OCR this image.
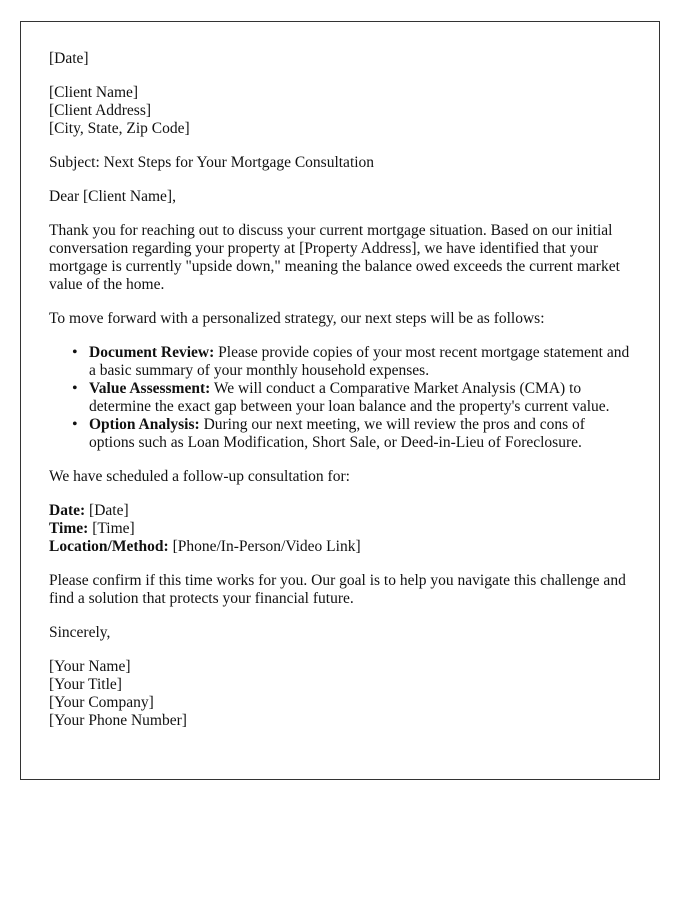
[Date]

[Client Name]
[Client Address]
[City, State, Zip Code]

Subject: Next Steps for Your Mortgage Consultation

Dear [Client Name],

Thank you for reaching out to discuss your current mortgage situation. Based on our initial conversation regarding your property at [Property Address], we have identified that your mortgage is currently "upside down," meaning the balance owed exceeds the current market value of the home.

To move forward with a personalized strategy, our next steps will be as follows:

• Document Review: Please provide copies of your most recent mortgage statement and a basic summary of your monthly household expenses.
• Value Assessment: We will conduct a Comparative Market Analysis (CMA) to determine the exact gap between your loan balance and the property's current value.
• Option Analysis: During our next meeting, we will review the pros and cons of options such as Loan Modification, Short Sale, or Deed-in-Lieu of Foreclosure.

We have scheduled a follow-up consultation for:

Date: [Date]
Time: [Time]
Location/Method: [Phone/In-Person/Video Link]

Please confirm if this time works for you. Our goal is to help you navigate this challenge and find a solution that protects your financial future.

Sincerely,

[Your Name]
[Your Title]
[Your Company]
[Your Phone Number]
